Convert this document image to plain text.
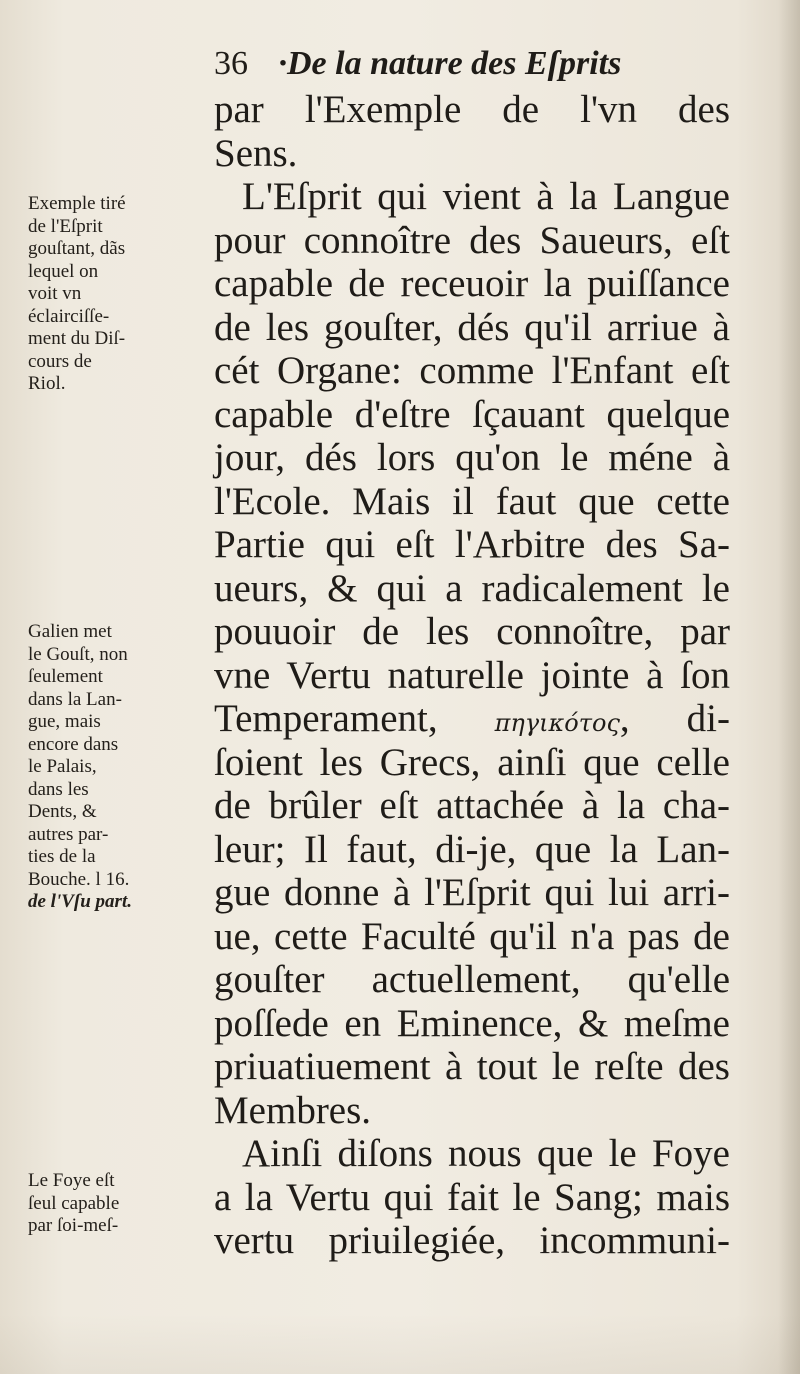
36 ·De la nature des Eſprits
par l'Exemple de l'vn des
Sens.
L'Eſprit qui vient à la Langue
pour connoître des Saueurs, eſt
capable de receuoir la puiſſance
de les gouſter, dés qu'il arriue à
cét Organe: comme l'Enfant eſt
capable d'eſtre ſçauant quelque
jour, dés lors qu'on le méne à
l'Ecole. Mais il faut que cette
Partie qui eſt l'Arbitre des Sa-
ueurs, & qui a radicalement le
pouuoir de les connoître, par
vne Vertu naturelle jointe à ſon
Temperament, πηγικότος, di-
ſoient les Grecs, ainſi que celle
de brûler eſt attachée à la cha-
leur; Il faut, di-je, que la Lan-
gue donne à l'Eſprit qui lui arri-
ue, cette Faculté qu'il n'a pas de
gouſter actuellement, qu'elle
poſſede en Eminence, & meſme
priuatiuement à tout le reſte des
Membres.
Ainſi diſons nous que le Foye
a la Vertu qui fait le Sang; mais
vertu priuilegiée, incommuni-
Exemple tiré
de l'Eſprit
gouſtant, dãs
lequel on
voit vn
éclairciſſe-
ment du Diſ-
cours de
Riol.
Galien met
le Gouſt, non
ſeulement
dans la Lan-
gue, mais
encore dans
le Palais,
dans les
Dents, &
autres par-
ties de la
Bouche. l 16.
de l'Vſu part.
Le Foye eſt
ſeul capable
par ſoi-meſ-
